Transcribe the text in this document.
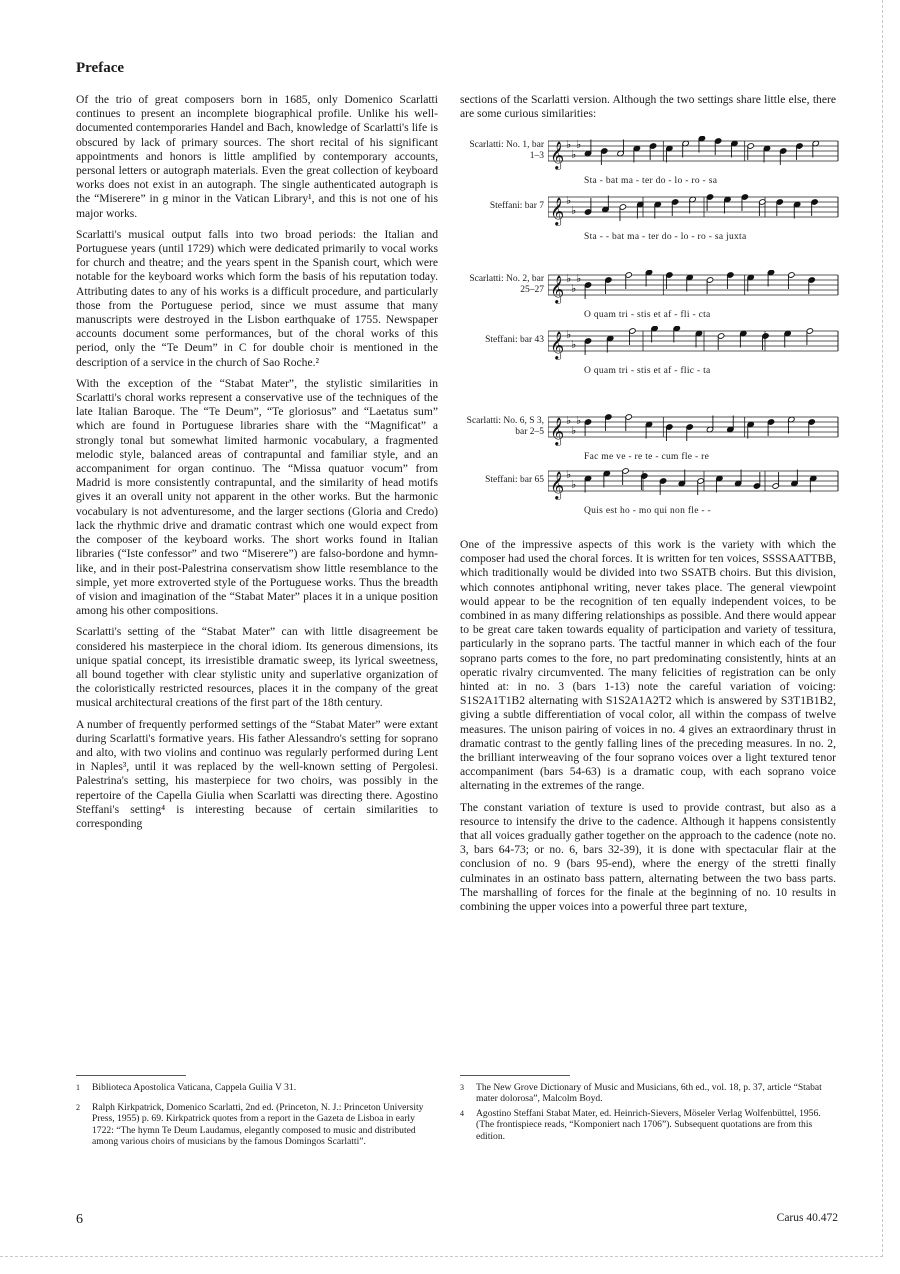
Preface

Of the trio of great composers born in 1685, only Domenico Scarlatti continues to present an incomplete biographical profile. Unlike his well-documented contemporaries Handel and Bach, knowledge of Scarlatti's life is obscured by lack of primary sources. The short recital of his significant appointments and honors is little amplified by contemporary accounts, personal letters or autograph materials. Even the great collection of keyboard works does not exist in an autograph. The single authenticated autograph is the “Miserere” in g minor in the Vatican Library¹, and this is not one of his major works.

Scarlatti's musical output falls into two broad periods: the Italian and Portuguese years (until 1729) which were dedicated primarily to vocal works for church and theatre; and the years spent in the Spanish court, which were notable for the keyboard works which form the basis of his reputation today. Attributing dates to any of his works is a difficult procedure, and particularly those from the Portuguese period, since we must assume that many manuscripts were destroyed in the Lisbon earthquake of 1755. Newspaper accounts document some performances, but of the choral works of this period, only the “Te Deum” in C for double choir is mentioned in the description of a service in the church of Sao Roche.²

With the exception of the “Stabat Mater”, the stylistic similarities in Scarlatti's choral works represent a conservative use of the techniques of the late Italian Baroque. The “Te Deum”, “Te gloriosus” and “Laetatus sum” which are found in Portuguese libraries share with the “Magnificat” a strongly tonal but somewhat limited harmonic vocabulary, a fragmented melodic style, balanced areas of contrapuntal and familiar style, and an accompaniment for organ continuo. The “Missa quatuor vocum” from Madrid is more consistently contrapuntal, and the similarity of head motifs gives it an overall unity not apparent in the other works. But the harmonic vocabulary is not adventuresome, and the larger sections (Gloria and Credo) lack the rhythmic drive and dramatic contrast which one would expect from the composer of the keyboard works. The short works found in Italian libraries (“Iste confessor” and two “Miserere”) are falso-bordone and hymn-like, and in their post-Palestrina conservatism show little resemblance to the simple, yet more extroverted style of the Portuguese works. Thus the breadth of vision and imagination of the “Stabat Mater” places it in a unique position among his other compositions.

Scarlatti's setting of the “Stabat Mater” can with little disagreement be considered his masterpiece in the choral idiom. Its generous dimensions, its unique spatial concept, its irresistible dramatic sweep, its lyrical sweetness, all bound together with clear stylistic unity and superlative organization of the coloristically restricted resources, places it in the company of the great musical architectural creations of the first part of the 18th century.

A number of frequently performed settings of the “Stabat Mater” were extant during Scarlatti's formative years. His father Alessandro's setting for soprano and alto, with two violins and continuo was regularly performed during Lent in Naples³, until it was replaced by the well-known setting of Pergolesi. Palestrina's setting, his masterpiece for two choirs, was possibly in the repertoire of the Capella Giulia when Scarlatti was directing there. Agostino Steffani's setting⁴ is interesting because of certain similarities to corresponding

sections of the Scarlatti version. Although the two settings share little else, there are some curious similarities:

Scarlatti: No. 1, bar 1–3 𝄞 ♭
♭
♭
Sta - bat ma - ter do - lo - ro - sa
Steffani: bar 7 𝄞 ♭
♭
Sta - - bat ma - ter do - lo - ro - sa juxta
Scarlatti: No. 2, bar 25–27 𝄞 ♭
♭
♭
O quam tri - stis et af - fli - cta
Steffani: bar 43 𝄞 ♭
♭
O quam tri - stis et af - flic - ta
Scarlatti: No. 6, S 3, bar 2–5 𝄞 ♭
♭
♭
Fac me ve - re te - cum fle - re
Steffani: bar 65 𝄞 ♭
♭
Quis est ho - mo qui non fle - -

One of the impressive aspects of this work is the variety with which the composer had used the choral forces. It is written for ten voices, SSSSAATTBB, which traditionally would be divided into two SSATB choirs. But this division, which connotes antiphonal writing, never takes place. The general viewpoint would appear to be the recognition of ten equally independent voices, to be combined in as many differing relationships as possible. And there would appear to be great care taken towards equality of participation and variety of tessitura, particularly in the soprano parts. The tactful manner in which each of the four soprano parts comes to the fore, no part predominating consistently, hints at an operatic rivalry circumvented. The many felicities of registration can be only hinted at: in no. 3 (bars 1-13) note the careful variation of voicing: S1S2A1T1B2 alternating with S1S2A1A2T2 which is answered by S3T1B1B2, giving a subtle differentiation of vocal color, all within the compass of twelve measures. The unison pairing of voices in no. 4 gives an extraordinary thrust in dramatic contrast to the gently falling lines of the preceding measures. In no. 2, the brilliant interweaving of the four soprano voices over a light textured tenor accompaniment (bars 54-63) is a dramatic coup, with each soprano voice alternating in the extremes of the range.

The constant variation of texture is used to provide contrast, but also as a resource to intensify the drive to the cadence. Although it happens consistently that all voices gradually gather together on the approach to the cadence (note no. 3, bars 64-73; or no. 6, bars 32-39), it is done with spectacular flair at the conclusion of no. 9 (bars 95-end), where the energy of the stretti finally culminates in an ostinato bass pattern, alternating between the two bass parts. The marshalling of forces for the finale at the beginning of no. 10 results in combining the upper voices into a powerful three part texture,

1 Biblioteca Apostolica Vaticana, Cappela Guilia V 31.
2 Ralph Kirkpatrick, Domenico Scarlatti, 2nd ed. (Princeton, N. J.: Princeton University Press, 1955) p. 69. Kirkpatrick quotes from a report in the Gazeta de Lisboa in early 1722: “The hymn Te Deum Laudamus, elegantly composed to music and distributed among various choirs of musicians by the famous Domingos Scarlatti”.
3 The New Grove Dictionary of Music and Musicians, 6th ed., vol. 18, p. 37, article “Stabat mater dolorosa”, Malcolm Boyd.
4 Agostino Steffani Stabat Mater, ed. Heinrich-Sievers, Möseler Verlag Wolfenbüttel, 1956. (The frontispiece reads, “Komponiert nach 1706”). Subsequent quotations are from this edition.
6	Carus 40.472
